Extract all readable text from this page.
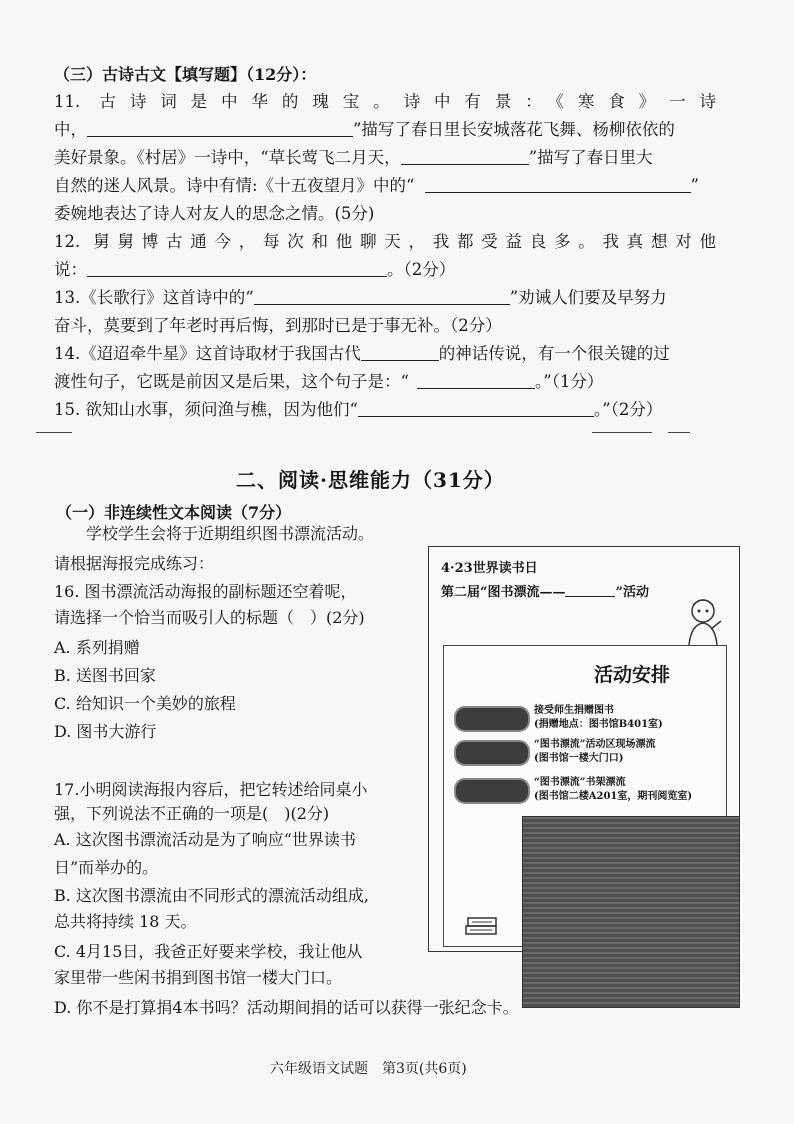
（三）古诗古文【填写题】（12分）：
11. 古诗词是中华的瑰宝。诗中有景：《寒食》一诗
中，	”描写了春日里长安城落花飞舞、杨柳依依的
美好景象。《村居》一诗中，“草长莺飞二月天，	”描写了春日里大
自然的迷人风景。诗中有情:《十五夜望月》中的“	”
委婉地表达了诗人对友人的思念之情。(5分)
12. 舅舅博古通今，每次和他聊天，我都受益良多。我真想对他
说：	。（2分）
13.《长歌行》这首诗中的“	”劝诫人们要及早努力
奋斗，莫要到了年老时再后悔，到那时已是于事无补。（2分）
14.《迢迢牵牛星》这首诗取材于我国古代	的神话传说，有一个很关键的过
渡性句子，它既是前因又是后果，这个句子是：“	。”（1分）
15. 欲知山水事，须问渔与樵，因为他们“	。”（2分）
二、阅读·思维能力（31分）
（一）非连续性文本阅读（7分）
学校学生会将于近期组织图书漂流活动。
请根据海报完成练习：
16. 图书漂流活动海报的副标题还空着呢，
请选择一个恰当而吸引人的标题（　）(2分)
A. 系列捐赠
B. 送图书回家
C. 给知识一个美妙的旅程
D. 图书大游行
17.小明阅读海报内容后，把它转述给同桌小
强，下列说法不正确的一项是(　)(2分)
A. 这次图书漂流活动是为了响应“世界读书
日”而举办的。
B. 这次图书漂流由不同形式的漂流活动组成,
总共将持续 18 天。
C. 4月15日，我爸正好要来学校，我让他从
家里带一些闲书捐到图书馆一楼大门口。
D. 你不是打算捐4本书吗？活动期间捐的话可以获得一张纪念卡。
4·23世界读书日
第二届“图书漂流——	”活动
活动安排
接受师生捐赠图书
(捐赠地点：图书馆B401室)
“图书漂流”活动区现场漂流
(图书馆一楼大门口)
“图书漂流”书架漂流
(图书馆二楼A201室，期刊阅览室)
六年级语文试题 第3页(共6页)
